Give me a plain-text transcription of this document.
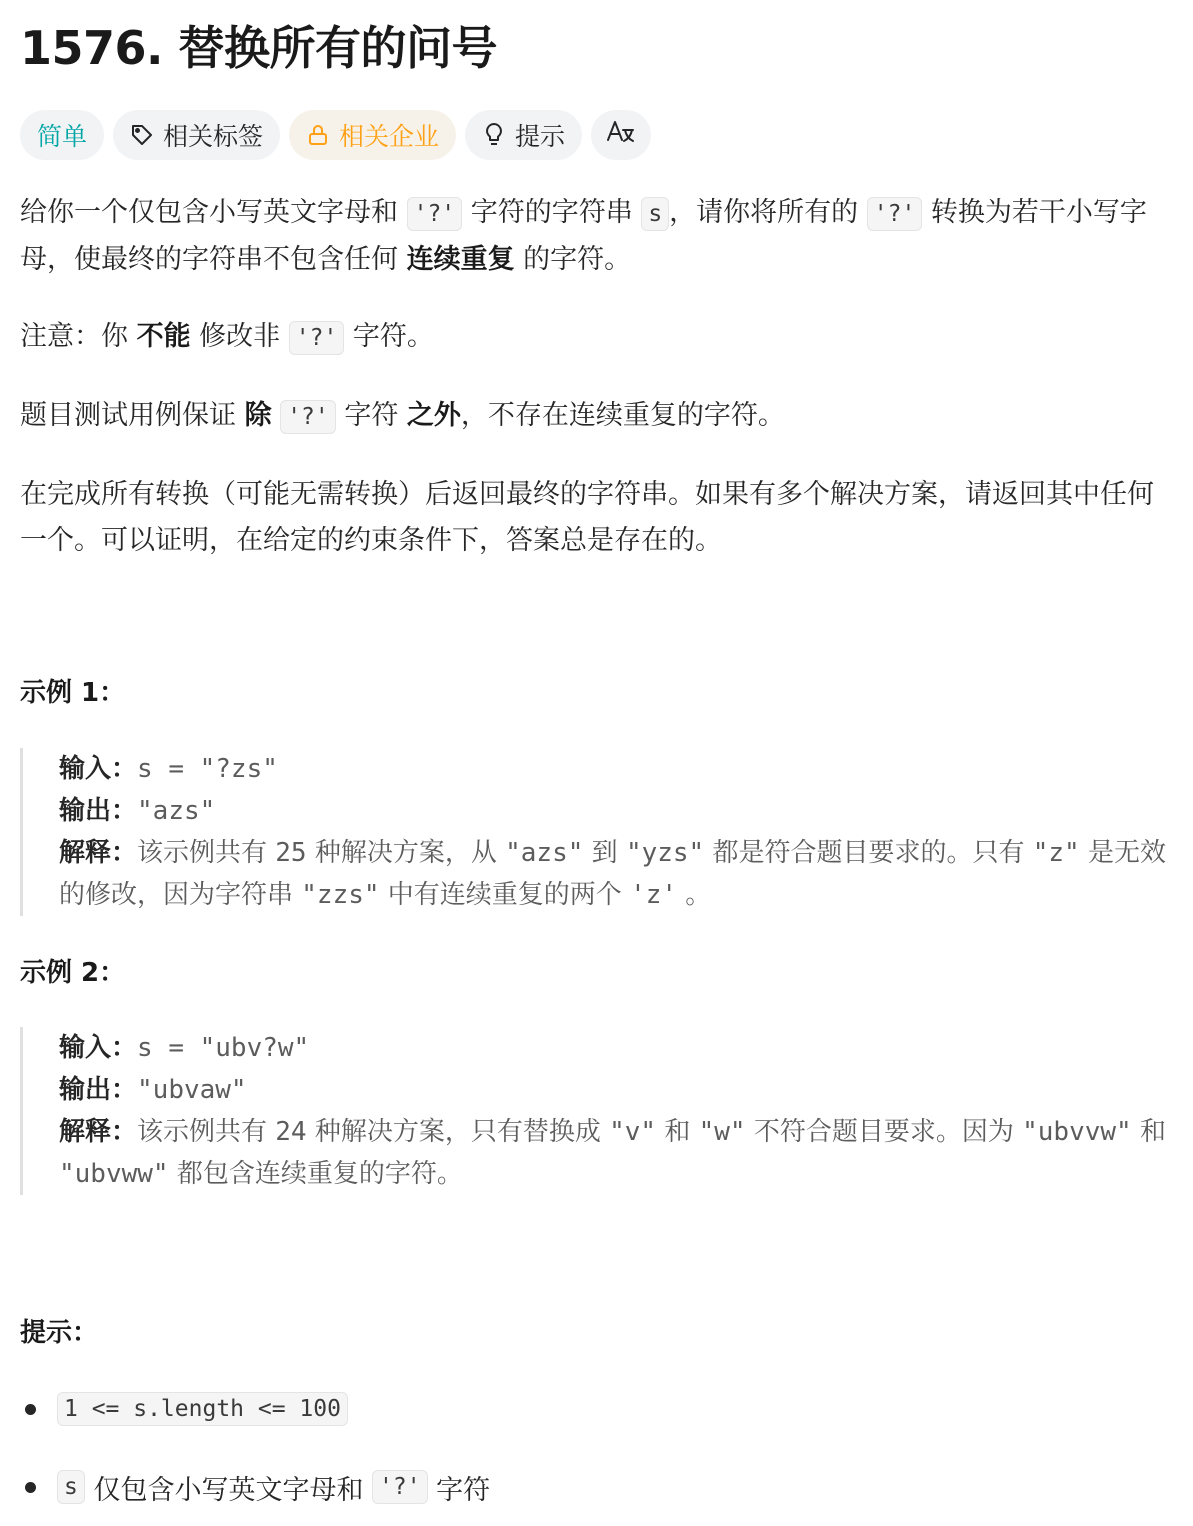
1576. 替换所有的问号
简单	相关标签	相关企业	提示

给你一个仅包含小写英文字母和 '?' 字符的字符串 s ，请你将所有的 '?' 转换为若干小写字母，使最终的字符串不包含任何 连续重复 的字符。

注意：你 不能 修改非 '?' 字符。

题目测试用例保证 除 '?' 字符 之外，不存在连续重复的字符。

在完成所有转换（可能无需转换）后返回最终的字符串。如果有多个解决方案，请返回其中任何一个。可以证明，在给定的约束条件下，答案总是存在的。

示例 1：
输入：s = "?zs"
输出："azs"
解释：该示例共有 25 种解决方案，从 "azs" 到 "yzs" 都是符合题目要求的。只有 "z" 是无效的修改，因为字符串 "zzs" 中有连续重复的两个 'z' 。
示例 2：
输入：s = "ubv?w"
输出："ubvaw"
解释：该示例共有 24 种解决方案，只有替换成 "v" 和 "w" 不符合题目要求。因为 "ubvvw" 和 "ubvww" 都包含连续重复的字符。
提示：
1 <= s.length <= 100
s 仅包含小写英文字母和 '?' 字符
